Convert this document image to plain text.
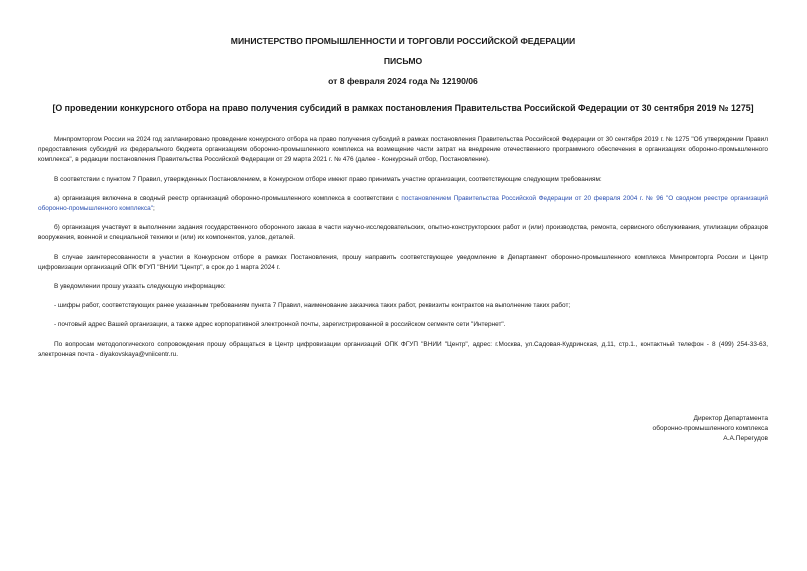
МИНИСТЕРСТВО ПРОМЫШЛЕННОСТИ И ТОРГОВЛИ РОССИЙСКОЙ ФЕДЕРАЦИИ

ПИСЬМО

от 8 февраля 2024 года № 12190/06

[О проведении конкурсного отбора на право получения субсидий в рамках постановления Правительства Российской Федерации от 30 сентября 2019 № 1275]

Минпромторгом России на 2024 год запланировано проведение конкурсного отбора на право получения субсидий в рамках постановления Правительства Российской Федерации от 30 сентября 2019 г. № 1275 "Об утверждении Правил предоставления субсидий из федерального бюджета организациям оборонно-промышленного комплекса на возмещение части затрат на внедрение отечественного программного обеспечения в организациях оборонно-промышленного комплекса", в редакции постановления Правительства Российской Федерации от 29 марта 2021 г. № 476 (далее - Конкурсный отбор, Постановление).

В соответствии с пунктом 7 Правил, утвержденных Постановлением, в Конкурсном отборе имеют право принимать участие организации, соответствующие следующим требованиям:

а) организация включена в сводный реестр организаций оборонно-промышленного комплекса в соответствии с постановлением Правительства Российской Федерации от 20 февраля 2004 г. № 96 "О сводном реестре организаций оборонно-промышленного комплекса";

б) организация участвует в выполнении задания государственного оборонного заказа в части научно-исследовательских, опытно-конструкторских работ и (или) производства, ремонта, сервисного обслуживания, утилизации образцов вооружения, военной и специальной техники и (или) их компонентов, узлов, деталей.

В случае заинтересованности в участии в Конкурсном отборе в рамках Постановления, прошу направить соответствующее уведомление в Департамент оборонно-промышленного комплекса Минпромторга России и Центр цифровизации организаций ОПК ФГУП "ВНИИ "Центр", в срок до 1 марта 2024 г.

В уведомлении прошу указать следующую информацию:

- шифры работ, соответствующих ранее указанным требованиям пункта 7 Правил, наименование заказчика таких работ, реквизиты контрактов на выполнение таких работ;

- почтовый адрес Вашей организации, а также адрес корпоративной электронной почты, зарегистрированной в российском сегменте сети "Интернет".

По вопросам методологического сопровождения прошу обращаться в Центр цифровизации организаций ОПК ФГУП "ВНИИ "Центр", адрес: г.Москва, ул.Садовая-Кудринская, д.11, стр.1., контактный телефон - 8 (499) 254-33-63, электронная почта - diyakovskaya@vniicentr.ru.

Директор Департамента
оборонно-промышленного комплекса
А.А.Перегудов
